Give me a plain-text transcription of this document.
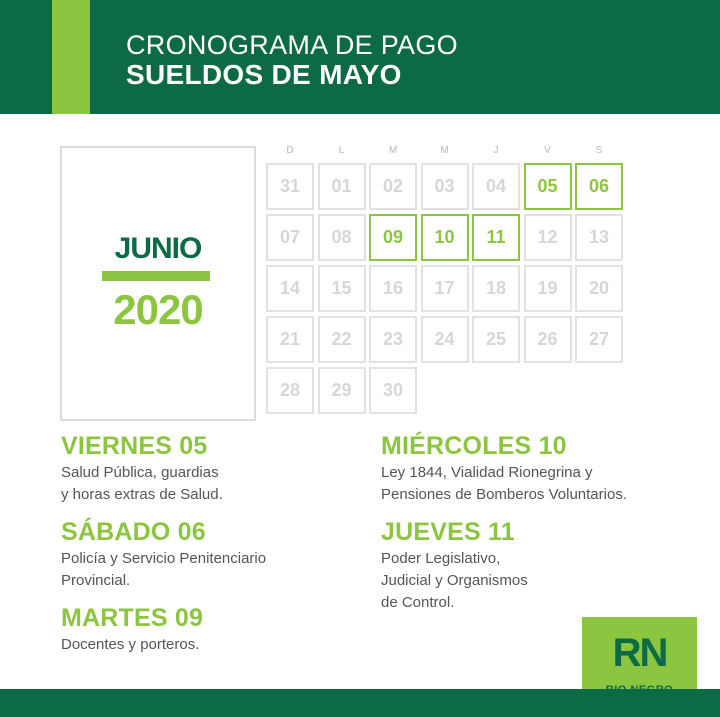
CRONOGRAMA DE PAGO
SUELDOS DE MAYO
JUNIO
2020
D	L	M	M	J	V	S
31	01	02	03	04	05	06
07	08	09	10	11	12	13
14	15	16	17	18	19	20
21	22	23	24	25	26	27
28	29	30
VIERNES 05
Salud Pública, guardias
y horas extras de Salud.
SÁBADO 06
Policía y Servicio Penitenciario
Provincial.
MARTES 09
Docentes y porteros.
MIÉRCOLES 10
Ley 1844, Vialidad Rionegrina y
Pensiones de Bomberos Voluntarios.
JUEVES 11
Poder Legislativo,
Judicial y Organismos
de Control.
RN
